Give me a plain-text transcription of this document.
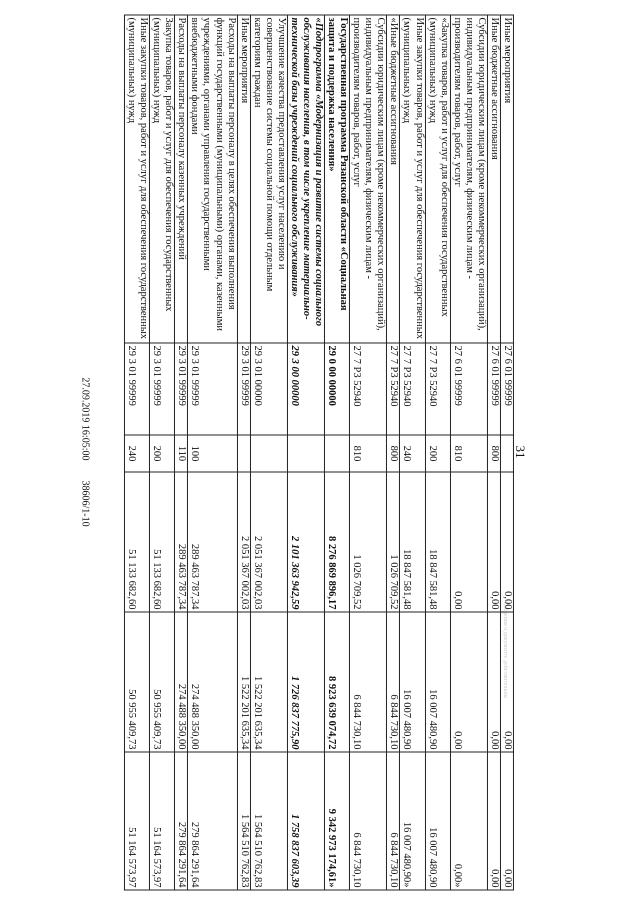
31
27.09.2019 16:05:00        38606/1-10
Сведения о документе действительны
Иные мероприятия	27 6 01 99999		0,00	0,00	0,00
Иные бюджетные ассигнования	27 6 01 99999	800	0,00	0,00	0,00
Субсидии юридическим лицам (кроме некоммерческих организаций), индивидуальным предпринимателям, физическим лицам - производителям товаров, работ, услуг	27 6 01 99999	810	0,00	0,00	0,00»
«Закупка товаров, работ и услуг для обеспечения государственных (муниципальных) нужд	27 7 P3 52940	200	18 847 581,48	16 007 480,90	16 007 480,90
Иные закупки товаров, работ и услуг для обеспечения государственных (муниципальных) нужд	27 7 P3 52940	240	18 847 581,48	16 007 480,90	16 007 480,90»
«Иные бюджетные ассигнования	27 7 P3 52940	800	1 026 709,52	6 844 730,10	6 844 730,10
Субсидии юридическим лицам (кроме некоммерческих организаций), индивидуальным предпринимателям, физическим лицам - производителям товаров, работ, услуг	27 7 P3 52940	810	1 026 709,52	6 844 730,10	6 844 730,10
Государственная программа Рязанской области «Социальная защита и поддержка населения»	29 0 00 00000		8 276 869 896,17	8 923 639 074,72	9 342 973 174,61»
«Подпрограмма «Модернизация и развитие системы социального обслуживания населения, в том числе укрепление материально-технической базы учреждений социального обслуживания»	29 3 00 00000		2 101 363 942,59	1 726 837 775,90	1 758 837 603,39
Улучшение качества предоставления услуг населению и совершенствование системы социальной помощи отдельным категориям граждан	29 3 01 00000		2 051 367 002,03	1 522 201 635,34	1 564 510 762,83
Иные мероприятия	29 3 01 99999		2 051 367 002,03	1 522 201 635,34	1 564 510 762,83
Расходы на выплаты персоналу в целях обеспечения выполнения функций государственными (муниципальными) органами, казенными учреждениями, органами управления государственными внебюджетными фондами	29 3 01 99999	100	289 463 787,34	274 488 350,00	279 864 291,64
Расходы на выплаты персоналу казенных учреждений	29 3 01 99999	110	289 463 787,34	274 488 350,00	279 864 291,64
Закупка товаров, работ и услуг для обеспечения государственных (муниципальных) нужд	29 3 01 99999	200	51 133 682,60	50 955 409,73	51 164 573,97
Иные закупки товаров, работ и услуг для обеспечения государственных (муниципальных) нужд	29 3 01 99999	240	51 133 682,60	50 955 409,73	51 164 573,97
